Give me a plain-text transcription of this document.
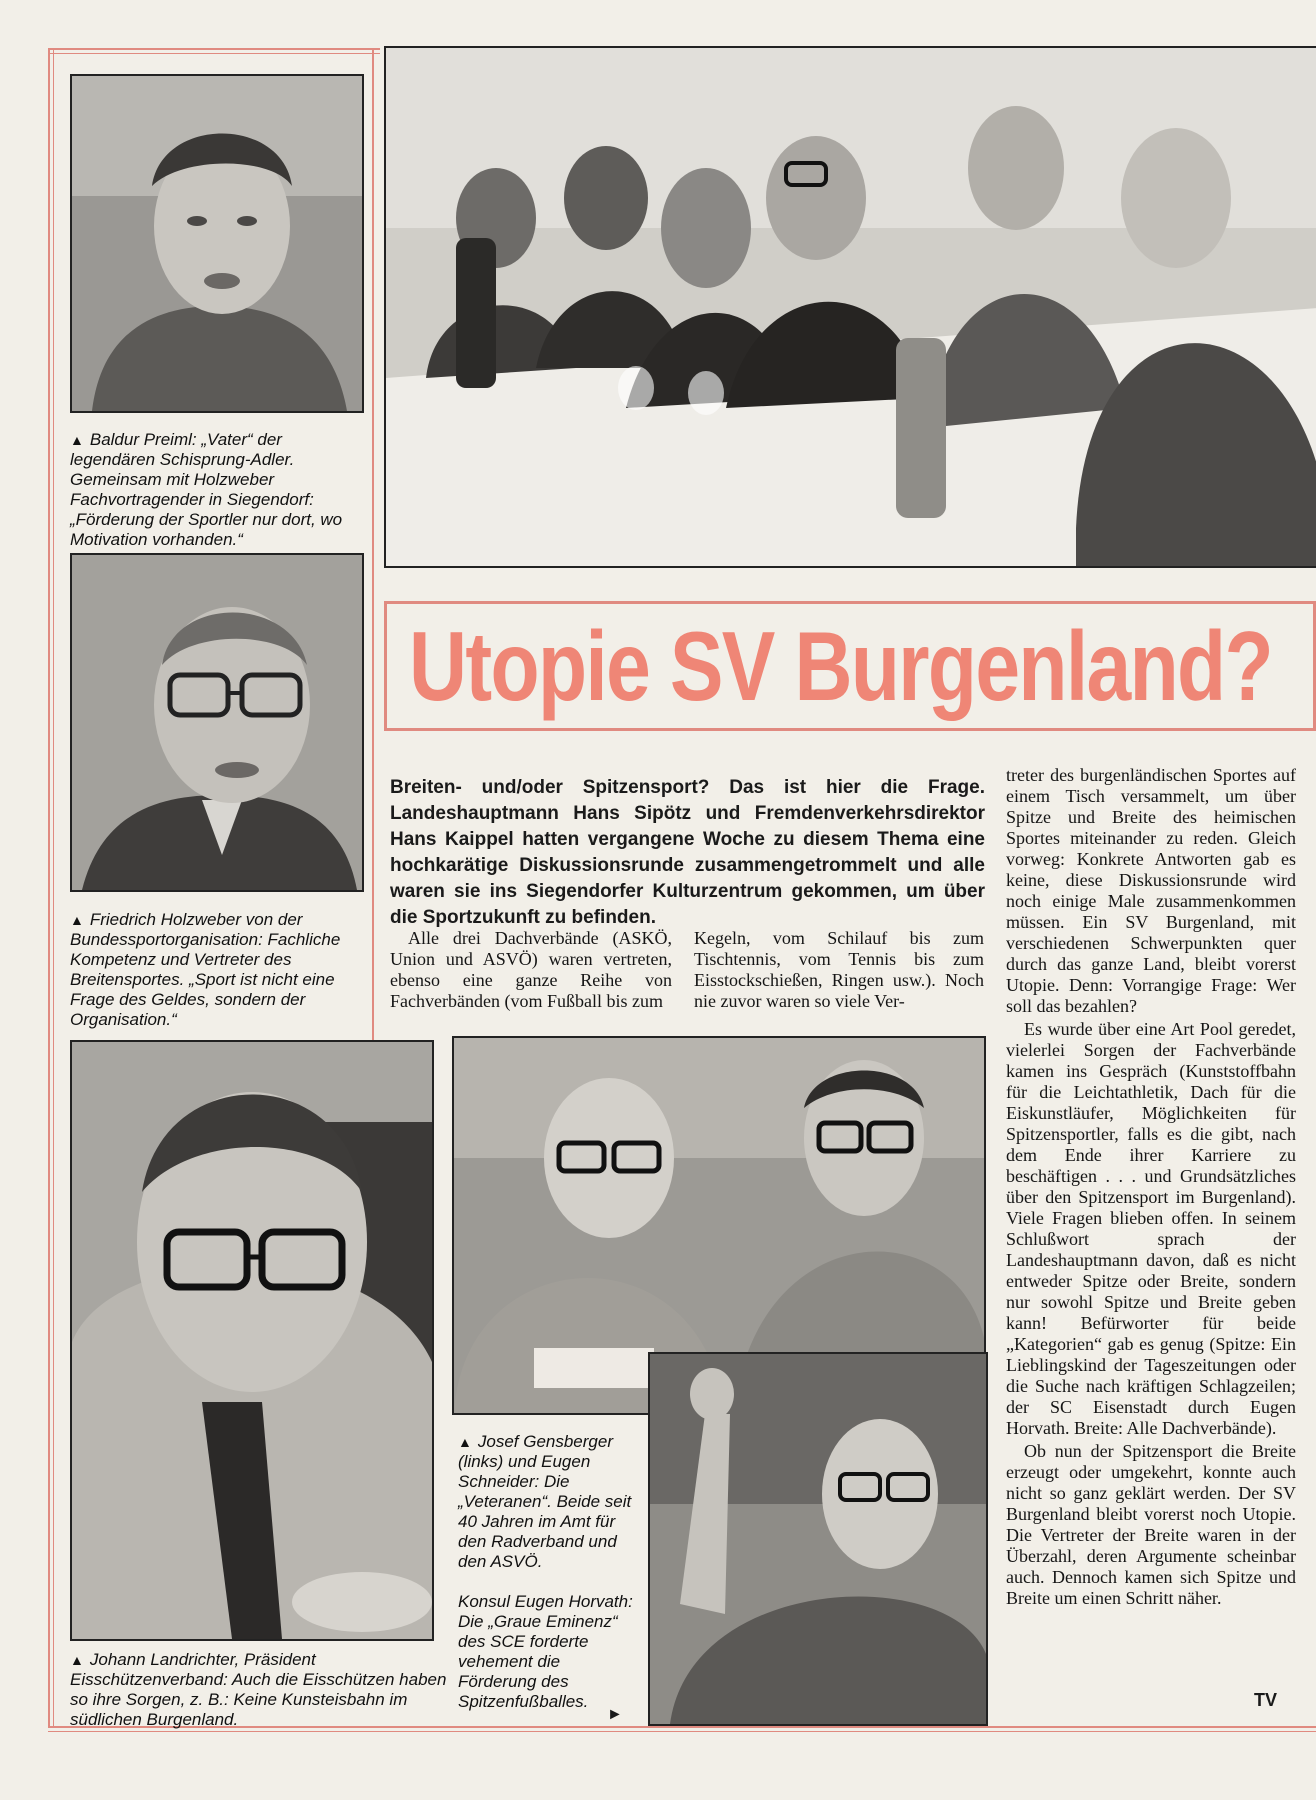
▲ Baldur Preiml: „Vater“ der legendären Schisprung-Adler. Gemeinsam mit Holzweber Fachvortragender in Siegendorf: „Förderung der Sportler nur dort, wo Motivation vorhanden.“
▲ Friedrich Holzweber von der Bundessportorganisation: Fachliche Kompetenz und Vertreter des Breitensportes. „Sport ist nicht eine Frage des Geldes, sondern der Organisation.“
Utopie SV Burgenland?
Breiten- und/oder Spitzensport? Das ist hier die Frage. Landeshauptmann Hans Sipötz und Fremdenverkehrsdirektor Hans Kaippel hatten vergangene Woche zu diesem Thema eine hochkarätige Diskussionsrunde zusammengetrommelt und alle waren sie ins Siegendorfer Kulturzentrum gekommen, um über die Sportzukunft zu befinden.

Alle drei Dachverbände (ASKÖ, Union und ASVÖ) waren vertreten, ebenso eine ganze Reihe von Fachverbänden (vom Fußball bis zum

Kegeln, vom Schilauf bis zum Tischtennis, vom Tennis bis zum Eisstockschießen, Ringen usw.). Noch nie zuvor waren so viele Ver-

treter des burgenländischen Sportes auf einem Tisch versammelt, um über Spitze und Breite des heimischen Sportes miteinander zu reden. Gleich vorweg: Konkrete Antworten gab es keine, diese Diskussionsrunde wird noch einige Male zusammenkommen müssen. Ein SV Burgenland, mit verschiedenen Schwerpunkten quer durch das ganze Land, bleibt vorerst Utopie. Denn: Vorrangige Frage: Wer soll das bezahlen?

Es wurde über eine Art Pool geredet, vielerlei Sorgen der Fachverbände kamen ins Gespräch (Kunststoffbahn für die Leichtathletik, Dach für die Eiskunstläufer, Möglichkeiten für Spitzensportler, falls es die gibt, nach dem Ende ihrer Karriere zu beschäftigen . . . und Grundsätzliches über den Spitzensport im Burgenland). Viele Fragen blieben offen. In seinem Schlußwort sprach der Landeshauptmann davon, daß es nicht entweder Spitze oder Breite, sondern nur sowohl Spitze und Breite geben kann! Befürworter für beide „Kategorien“ gab es genug (Spitze: Ein Lieblingskind der Tageszeitungen oder die Suche nach kräftigen Schlagzeilen; der SC Eisenstadt durch Eugen Horvath. Breite: Alle Dachverbände).

Ob nun der Spitzensport die Breite erzeugt oder umgekehrt, konnte auch nicht so ganz geklärt werden. Der SV Burgenland bleibt vorerst noch Utopie. Die Vertreter der Breite waren in der Überzahl, deren Argumente scheinbar auch. Dennoch kamen sich Spitze und Breite um einen Schritt näher.

TV
▲ Johann Landrichter, Präsident Eisschützenverband: Auch die Eisschützen haben so ihre Sorgen, z. B.: Keine Kunsteisbahn im südlichen Burgenland.
▲ Josef Gensberger (links) und Eugen Schneider: Die „Veteranen“. Beide seit 40 Jahren im Amt für den Radverband und den ASVÖ.
Konsul Eugen Horvath: Die „Graue Eminenz“ des SCE forderte vehement die Förderung des Spitzenfußballes.
►
